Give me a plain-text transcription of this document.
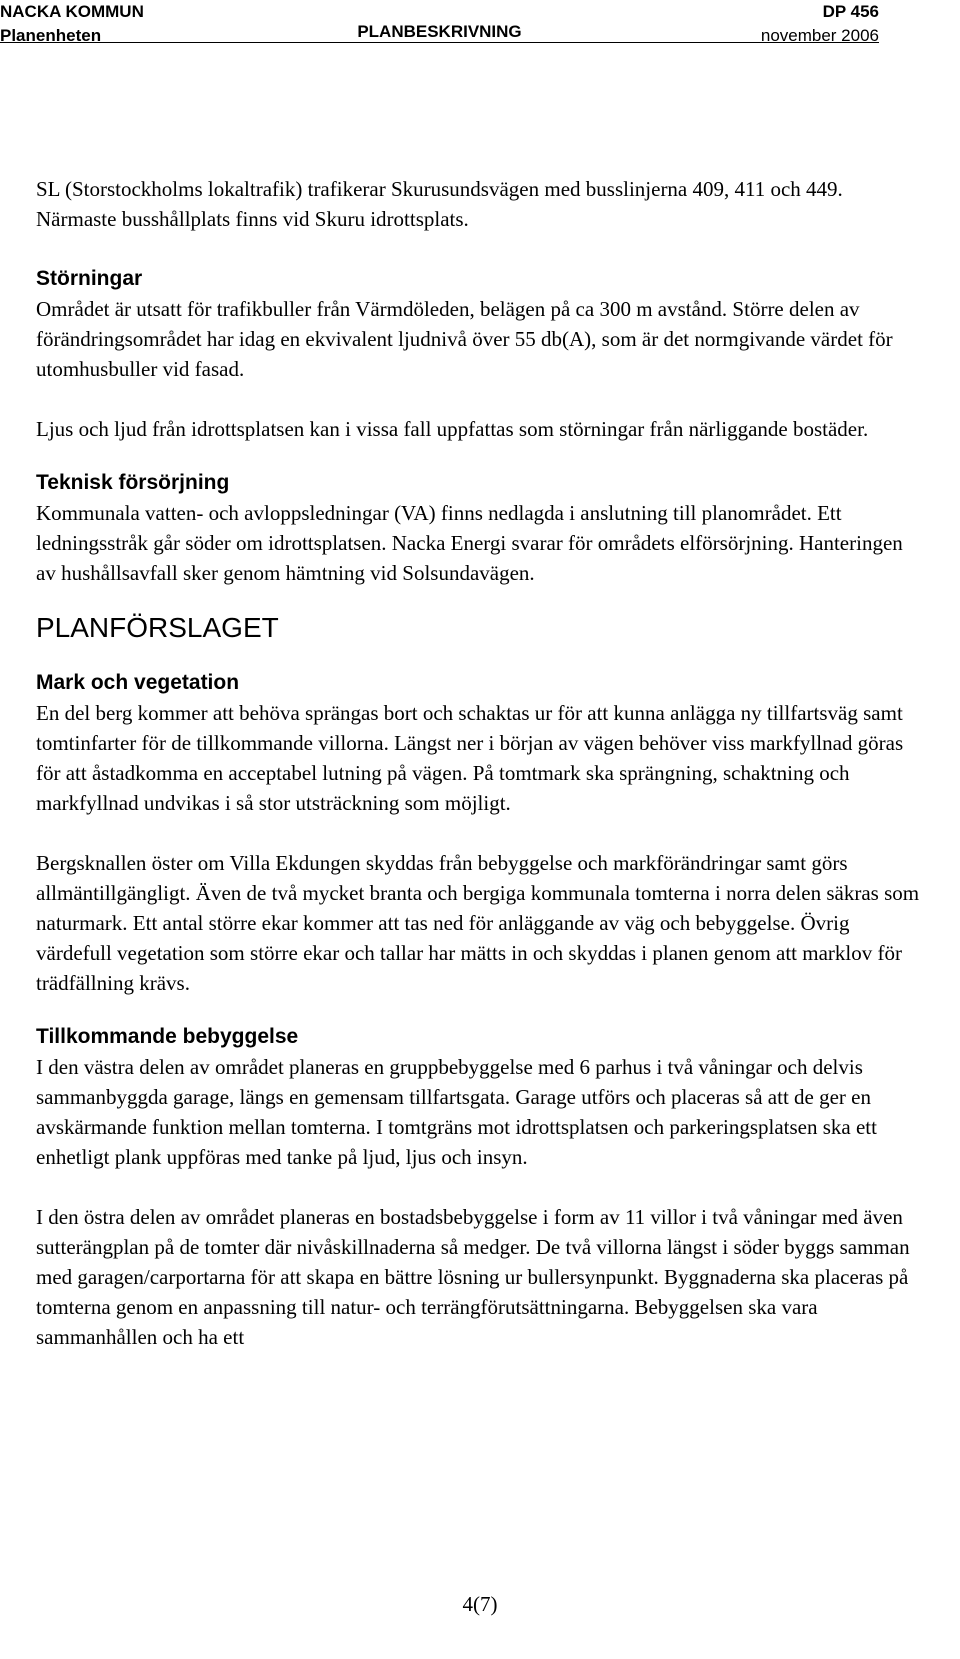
NACKA KOMMUN
Planenheten	PLANBESKRIVNING
DP 456
november 2006

SL (Storstockholms lokaltrafik) trafikerar Skurusundsvägen med busslinjerna 409, 411 och 449. Närmaste busshållplats finns vid Skuru idrottsplats.

Störningar

Området är utsatt för trafikbuller från Värmdöleden, belägen på ca 300 m avstånd. Större delen av förändringsområdet har idag en ekvivalent ljudnivå över 55 db(A), som är det normgivande värdet för utomhusbuller vid fasad.

Ljus och ljud från idrottsplatsen kan i vissa fall uppfattas som störningar från närliggande bostäder.

Teknisk försörjning

Kommunala vatten- och avloppsledningar (VA) finns nedlagda i anslutning till planområdet. Ett ledningsstråk går söder om idrottsplatsen. Nacka Energi svarar för områdets elförsörjning. Hanteringen av hushållsavfall sker genom hämtning vid Solsundavägen.

PLANFÖRSLAGET
Mark och vegetation

En del berg kommer att behöva sprängas bort och schaktas ur för att kunna anlägga ny tillfartsväg samt tomtinfarter för de tillkommande villorna. Längst ner i början av vägen behöver viss markfyllnad göras för att åstadkomma en acceptabel lutning på vägen. På tomtmark ska sprängning, schaktning och markfyllnad undvikas i så stor utsträckning som möjligt.

Bergsknallen öster om Villa Ekdungen skyddas från bebyggelse och markförändringar samt görs allmäntillgängligt. Även de två mycket branta och bergiga kommunala tomterna i norra delen säkras som naturmark. Ett antal större ekar kommer att tas ned för anläggande av väg och bebyggelse. Övrig värdefull vegetation som större ekar och tallar har mätts in och skyddas i planen genom att marklov för trädfällning krävs.

Tillkommande bebyggelse

I den västra delen av området planeras en gruppbebyggelse med 6 parhus i två våningar och delvis sammanbyggda garage, längs en gemensam tillfartsgata. Garage utförs och placeras så att de ger en avskärmande funktion mellan tomterna. I tomtgräns mot idrottsplatsen och parkeringsplatsen ska ett enhetligt plank uppföras med tanke på ljud, ljus och insyn.

I den östra delen av området planeras en bostadsbebyggelse i form av 11 villor i två våningar med även sutterängplan på de tomter där nivåskillnaderna så medger. De två villorna längst i söder byggs samman med garagen/carportarna för att skapa en bättre lösning ur bullersynpunkt. Byggnaderna ska placeras på tomterna genom en anpassning till natur- och terrängförutsättningarna. Bebyggelsen ska vara sammanhållen och ha ett

4(7)
